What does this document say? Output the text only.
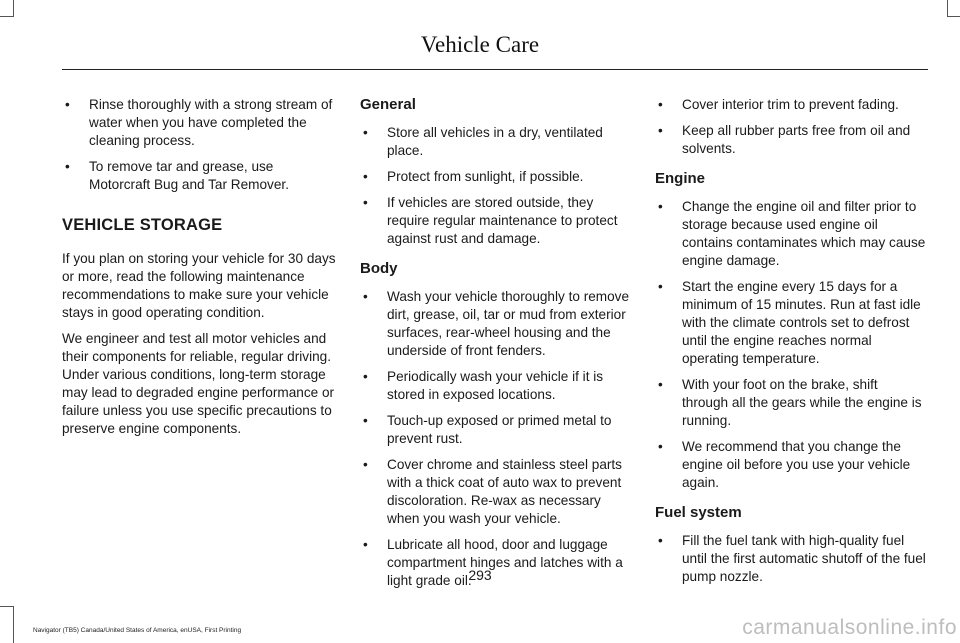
Vehicle Care
• Rinse thoroughly with a strong stream of water when you have completed the cleaning process.
• To remove tar and grease, use Motorcraft Bug and Tar Remover.
VEHICLE STORAGE

If you plan on storing your vehicle for 30 days or more, read the following maintenance recommendations to make sure your vehicle stays in good operating condition.

We engineer and test all motor vehicles and their components for reliable, regular driving. Under various conditions, long-term storage may lead to degraded engine performance or failure unless you use specific precautions to preserve engine components.

General
• Store all vehicles in a dry, ventilated place.
• Protect from sunlight, if possible.
• If vehicles are stored outside, they require regular maintenance to protect against rust and damage.
Body
• Wash your vehicle thoroughly to remove dirt, grease, oil, tar or mud from exterior surfaces, rear-wheel housing and the underside of front fenders.
• Periodically wash your vehicle if it is stored in exposed locations.
• Touch-up exposed or primed metal to prevent rust.
• Cover chrome and stainless steel parts with a thick coat of auto wax to prevent discoloration. Re-wax as necessary when you wash your vehicle.
• Lubricate all hood, door and luggage compartment hinges and latches with a light grade oil.
• Cover interior trim to prevent fading.
• Keep all rubber parts free from oil and solvents.
Engine
• Change the engine oil and filter prior to storage because used engine oil contains contaminates which may cause engine damage.
• Start the engine every 15 days for a minimum of 15 minutes. Run at fast idle with the climate controls set to defrost until the engine reaches normal operating temperature.
• With your foot on the brake, shift through all the gears while the engine is running.
• We recommend that you change the engine oil before you use your vehicle again.
Fuel system
• Fill the fuel tank with high-quality fuel until the first automatic shutoff of the fuel pump nozzle.
293
Navigator (TB5) Canada/United States of America, enUSA, First Printing	carmanualsonline.info
